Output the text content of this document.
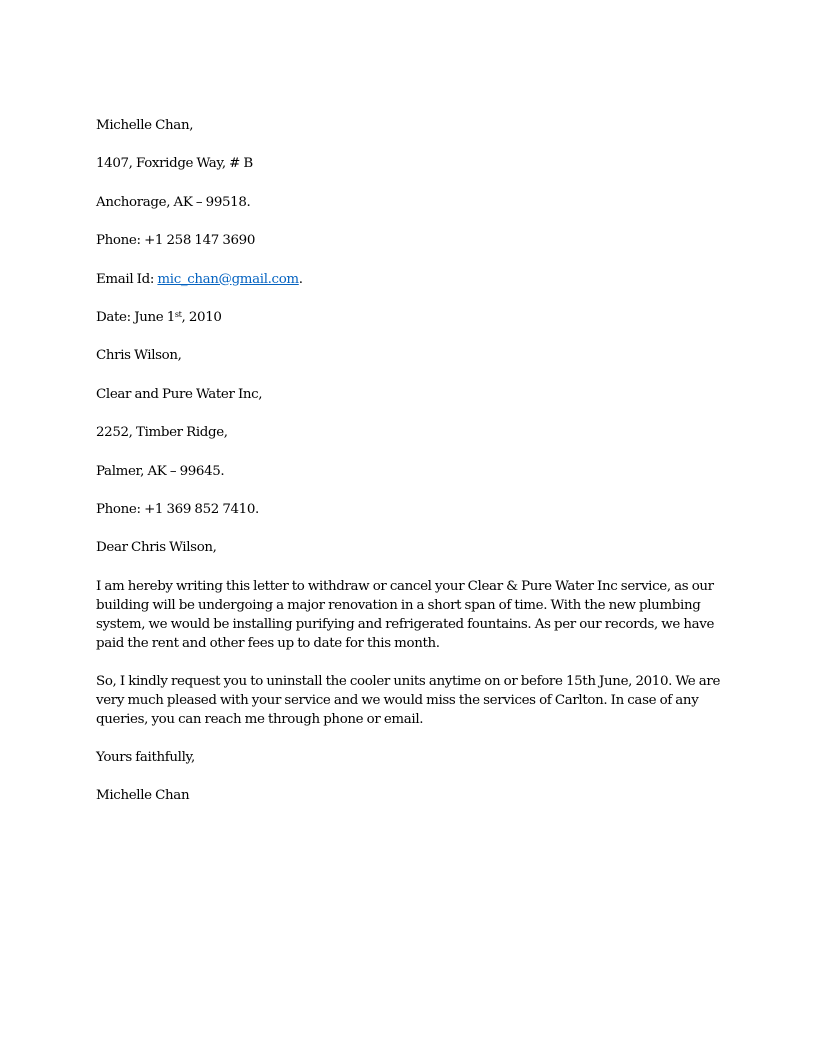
Michelle Chan,

1407, Foxridge Way, # B

Anchorage, AK – 99518.

Phone: +1 258 147 3690

Email Id: mic_chan@gmail.com.

Date: June 1st, 2010

Chris Wilson,

Clear and Pure Water Inc,

2252, Timber Ridge,

Palmer, AK – 99645.

Phone: +1 369 852 7410.

Dear Chris Wilson,

I am hereby writing this letter to withdraw or cancel your Clear & Pure Water Inc service, as our building will be undergoing a major renovation in a short span of time. With the new plumbing system, we would be installing purifying and refrigerated fountains. As per our records, we have paid the rent and other fees up to date for this month.

So, I kindly request you to uninstall the cooler units anytime on or before 15th June, 2010. We are very much pleased with your service and we would miss the services of Carlton. In case of any queries, you can reach me through phone or email.

Yours faithfully,

Michelle Chan
